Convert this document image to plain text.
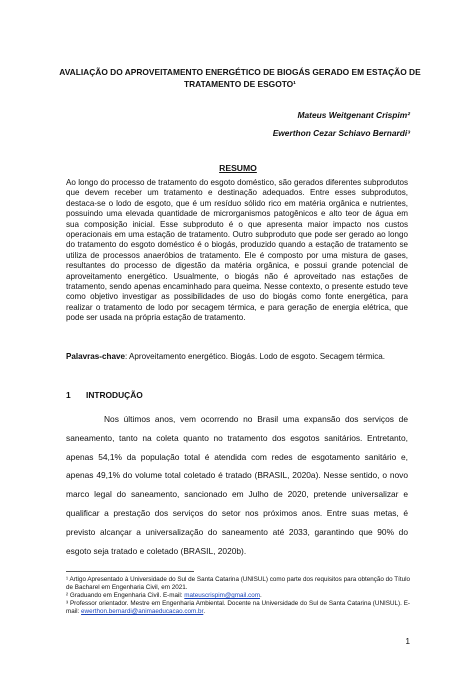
AVALIAÇÃO DO APROVEITAMENTO ENERGÉTICO DE BIOGÁS GERADO EM ESTAÇÃO DE TRATAMENTO DE ESGOTO¹
Mateus Weitgenant Crispim²
Ewerthon Cezar Schiavo Bernardi³
RESUMO

Ao longo do processo de tratamento do esgoto doméstico, são gerados diferentes subprodutos que devem receber um tratamento e destinação adequados. Entre esses subprodutos, destaca-se o lodo de esgoto, que é um resíduo sólido rico em matéria orgânica e nutrientes, possuindo uma elevada quantidade de microrganismos patogênicos e alto teor de água em sua composição inicial. Esse subproduto é o que apresenta maior impacto nos custos operacionais em uma estação de tratamento. Outro subproduto que pode ser gerado ao longo do tratamento do esgoto doméstico é o biogás, produzido quando a estação de tratamento se utiliza de processos anaeróbios de tratamento. Ele é composto por uma mistura de gases, resultantes do processo de digestão da matéria orgânica, e possui grande potencial de aproveitamento energético. Usualmente, o biogás não é aproveitado nas estações de tratamento, sendo apenas encaminhado para queima. Nesse contexto, o presente estudo teve como objetivo investigar as possibilidades de uso do biogás como fonte energética, para realizar o tratamento de lodo por secagem térmica, e para geração de energia elétrica, que pode ser usada na própria estação de tratamento.

Palavras-chave: Aproveitamento energético. Biogás. Lodo de esgoto. Secagem térmica.
1 INTRODUÇÃO

Nos últimos anos, vem ocorrendo no Brasil uma expansão dos serviços de saneamento, tanto na coleta quanto no tratamento dos esgotos sanitários. Entretanto, apenas 54,1% da população total é atendida com redes de esgotamento sanitário e, apenas 49,1% do volume total coletado é tratado (BRASIL, 2020a). Nesse sentido, o novo marco legal do saneamento, sancionado em Julho de 2020, pretende universalizar e qualificar a prestação dos serviços do setor nos próximos anos. Entre suas metas, é previsto alcançar a universalização do saneamento até 2033, garantindo que 90% do esgoto seja tratado e coletado (BRASIL, 2020b).

¹ Artigo Apresentado à Universidade do Sul de Santa Catarina (UNISUL) como parte dos requisitos para obtenção do Título de Bacharel em Engenharia Civil, em 2021.

² Graduando em Engenharia Civil. E-mail: mateuscrispim@gmail.com.

³ Professor orientador. Mestre em Engenharia Ambiental. Docente na Universidade do Sul de Santa Catarina (UNISUL). E-mail: ewerthon.bernardi@animaeducacao.com.br.

1
